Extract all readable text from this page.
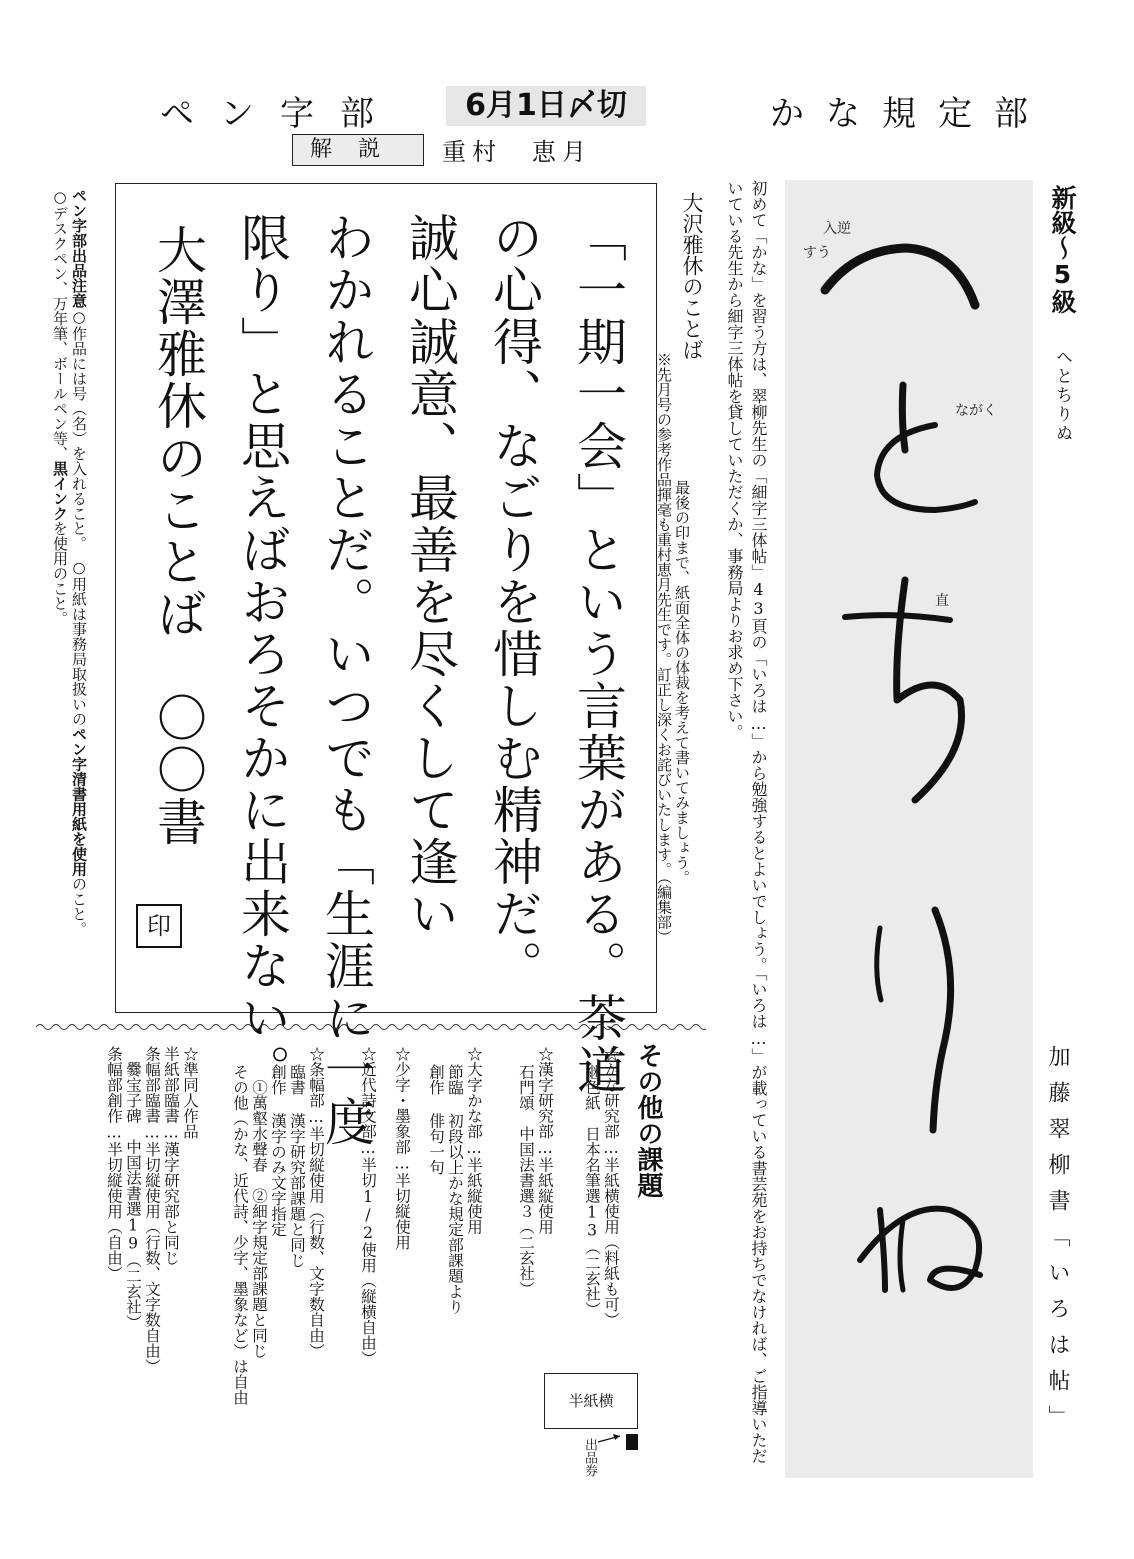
ペン字部	6月1日〆切	かな規定部
解説	重村　恵月
ペン字部出品注意○作品には号（名）を入れること。　○用紙は事務局取扱いのペン字清書用紙を使用のこと。
○デスクペン、万年筆、ボールペン等、黒インクを使用のこと。	「一期一会」という言葉がある。茶道
の心得、なごりを惜しむ精神だ。
誠心誠意、最善を尽くして逢い
わかれることだ。いつでも「生涯に一度
限り」と思えばおろそかに出来ない。
大澤雅休のことば　〇〇書
印
大沢雅休のことば
最後の印まで、紙面全体の体裁を考えて書いてみましょう。
※先月号の参考作品揮毫も重村恵月先生です。訂正し深くお詫びいたします。（編集部）	初めて「かな」を習う方は、翠柳先生の「細字三体帖」43頁の「いろは…」から勉強するとよいでしょう。「いろは…」が載っている書芸苑をお持ちでなければ、ご指導いただいている先生から細字三体帖を貸していただくか、事務局よりお求め下さい。	すう
入逆
ながく
直
新級〜5級
へとちりぬ
加藤翠柳書「いろは帖」
その他の課題
☆かな研究部…半紙横使用（料紙も可）
継色紙　日本名筆選13（二玄社）
☆漢字研究部…半紙縦使用
石門頌　中国法書選３（二玄社）
☆大字かな部…半紙縦使用
節臨 初段以上かな規定部課題より
創作 俳句一句
☆少字・墨象部…半切縦使用
☆近代詩文部…半切1/2使用（縦横自由）
☆条幅部…半切縦使用（行数、文字数自由）
臨書 漢字研究部課題と同じ
創作 漢字のみ文字指定
　①萬壑水聲春　②細字規定部課題と同じ
その他（かな、近代詩、少字、墨象など）は自由
☆準同人作品
半紙部臨書…漢字研究部と同じ
条幅部臨書…半切縦使用（行数、文字数自由）
　爨宝子碑　中国法書選19（二玄社）
条幅部創作…半切縦使用（自由）
半紙横
出品券
